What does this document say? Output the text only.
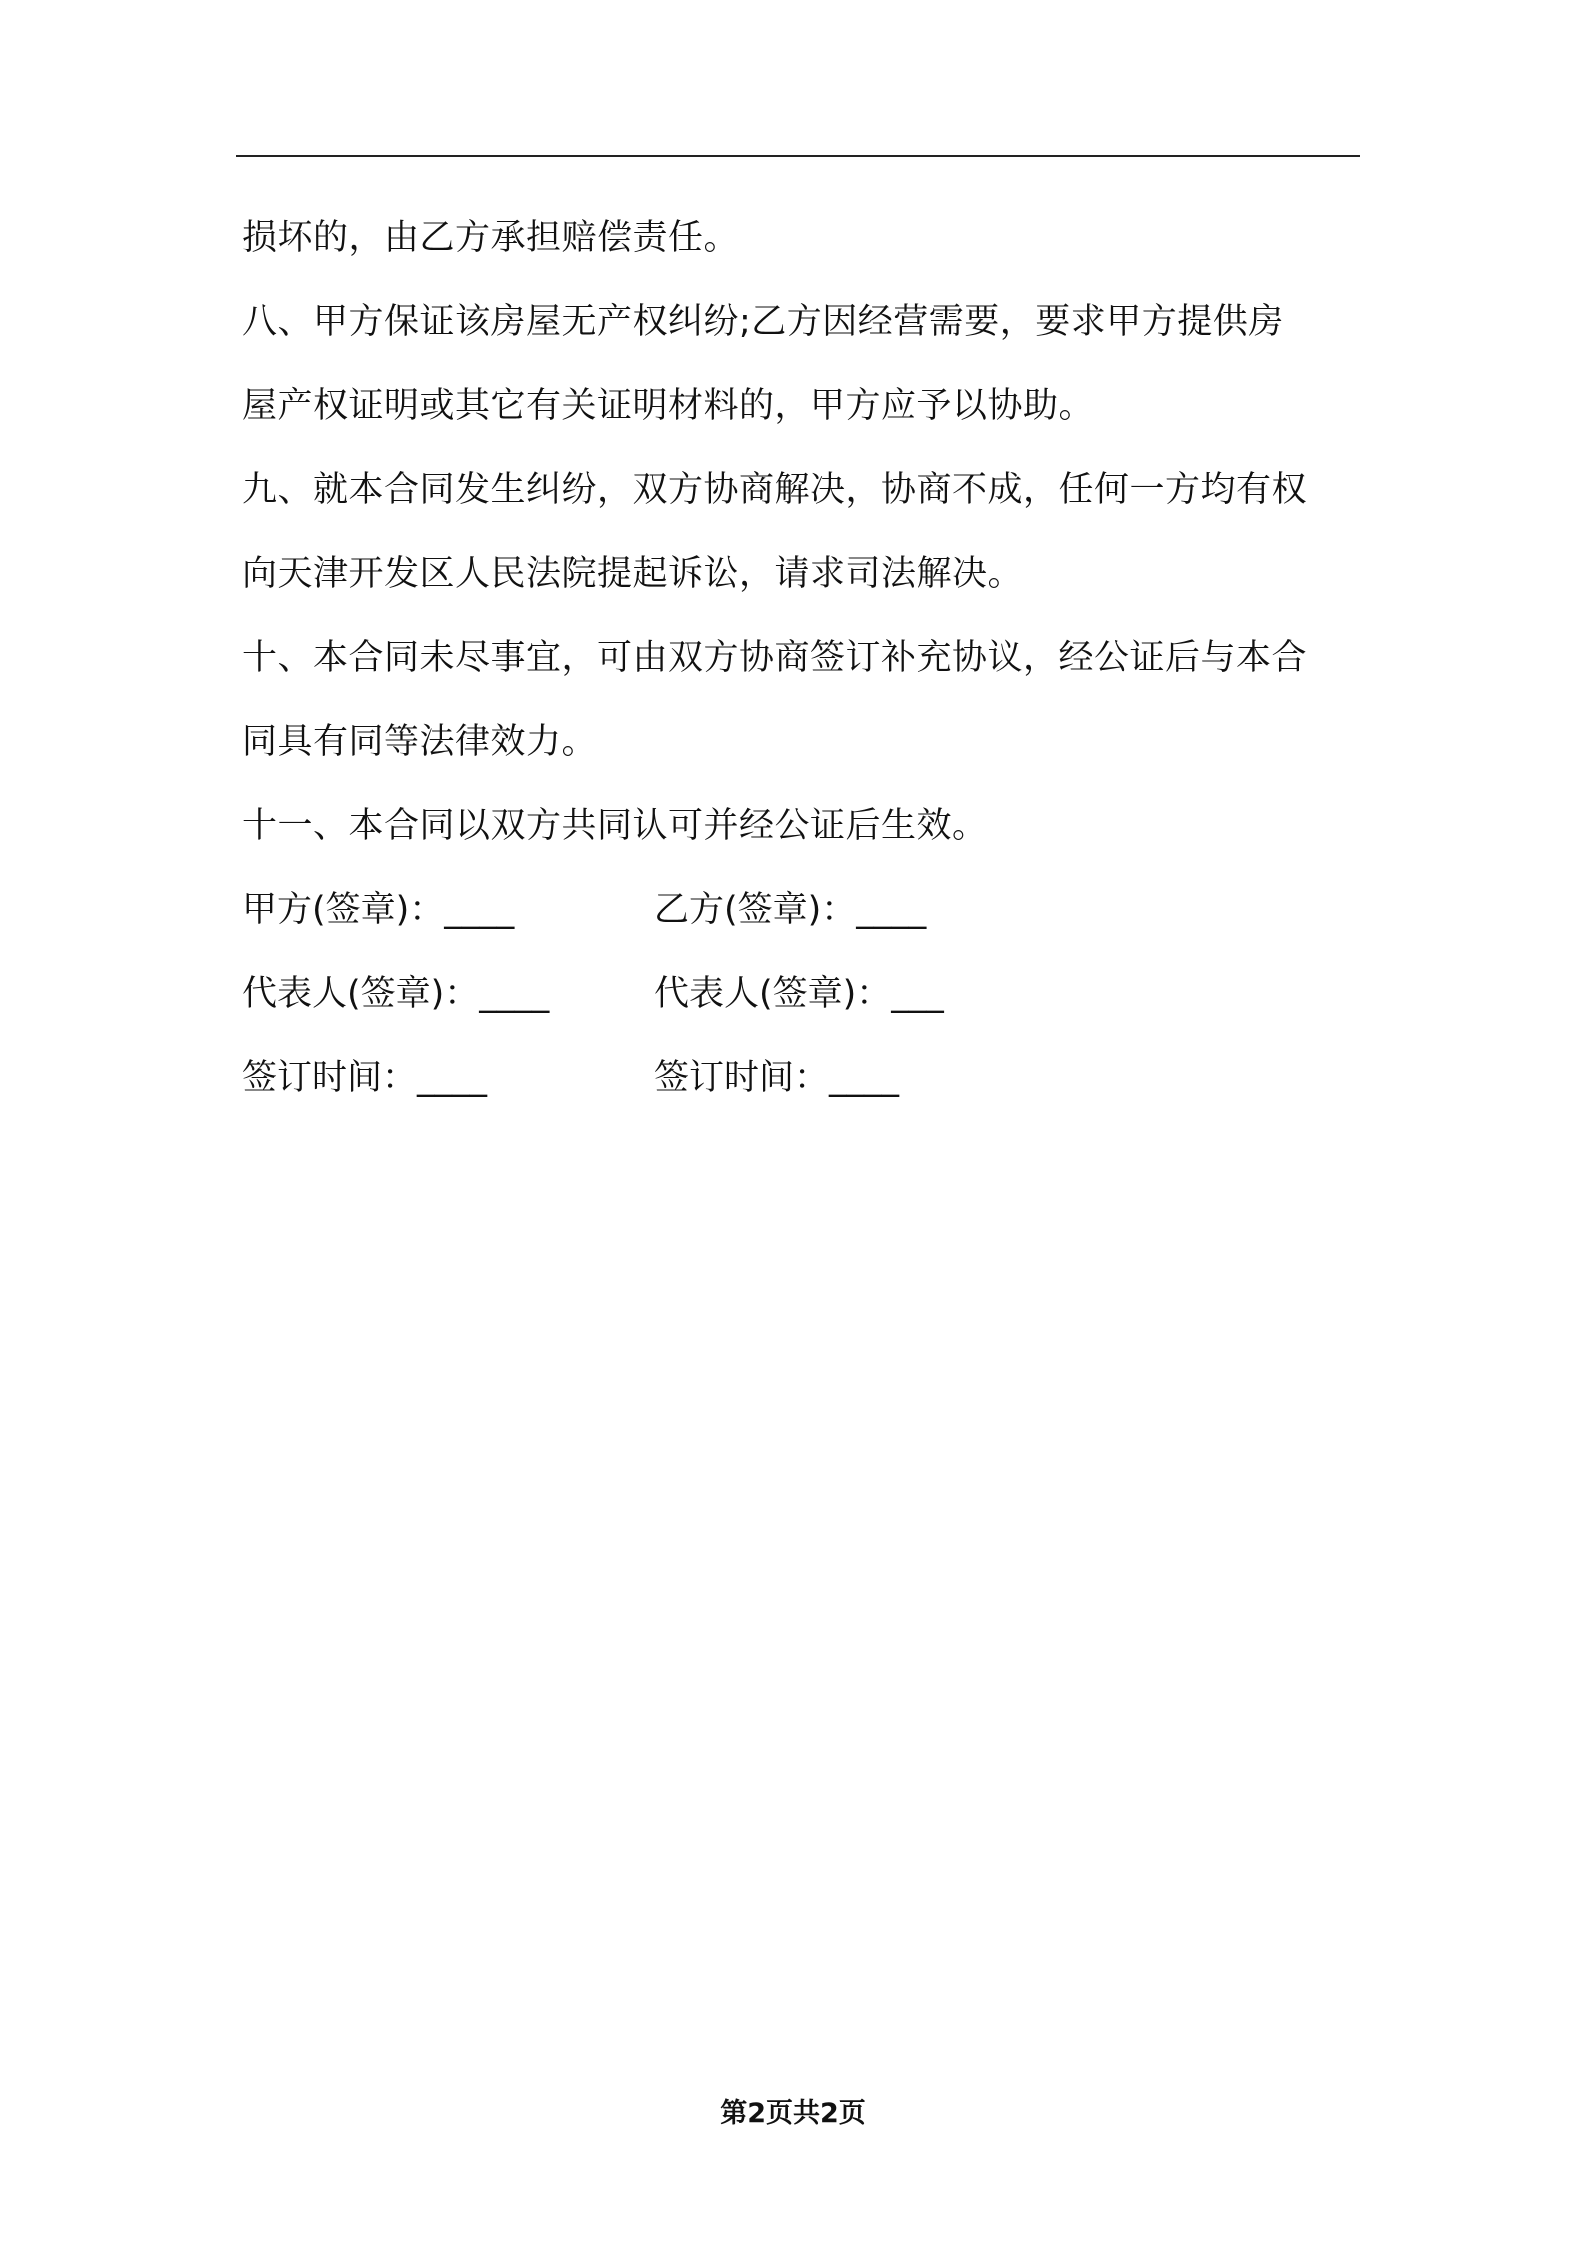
损坏的，由乙方承担赔偿责任。

八、甲方保证该房屋无产权纠纷;乙方因经营需要，要求甲方提供房

屋产权证明或其它有关证明材料的，甲方应予以协助。

九、就本合同发生纠纷，双方协商解决，协商不成，任何一方均有权

向天津开发区人民法院提起诉讼，请求司法解决。

十、本合同未尽事宜，可由双方协商签订补充协议，经公证后与本合

同具有同等法律效力。

十一、本合同以双方共同认可并经公证后生效。

甲方(签章)：____	乙方(签章)：____
代表人(签章)：____	代表人(签章)：___
签订时间：____	签订时间：____
第2页共2页
